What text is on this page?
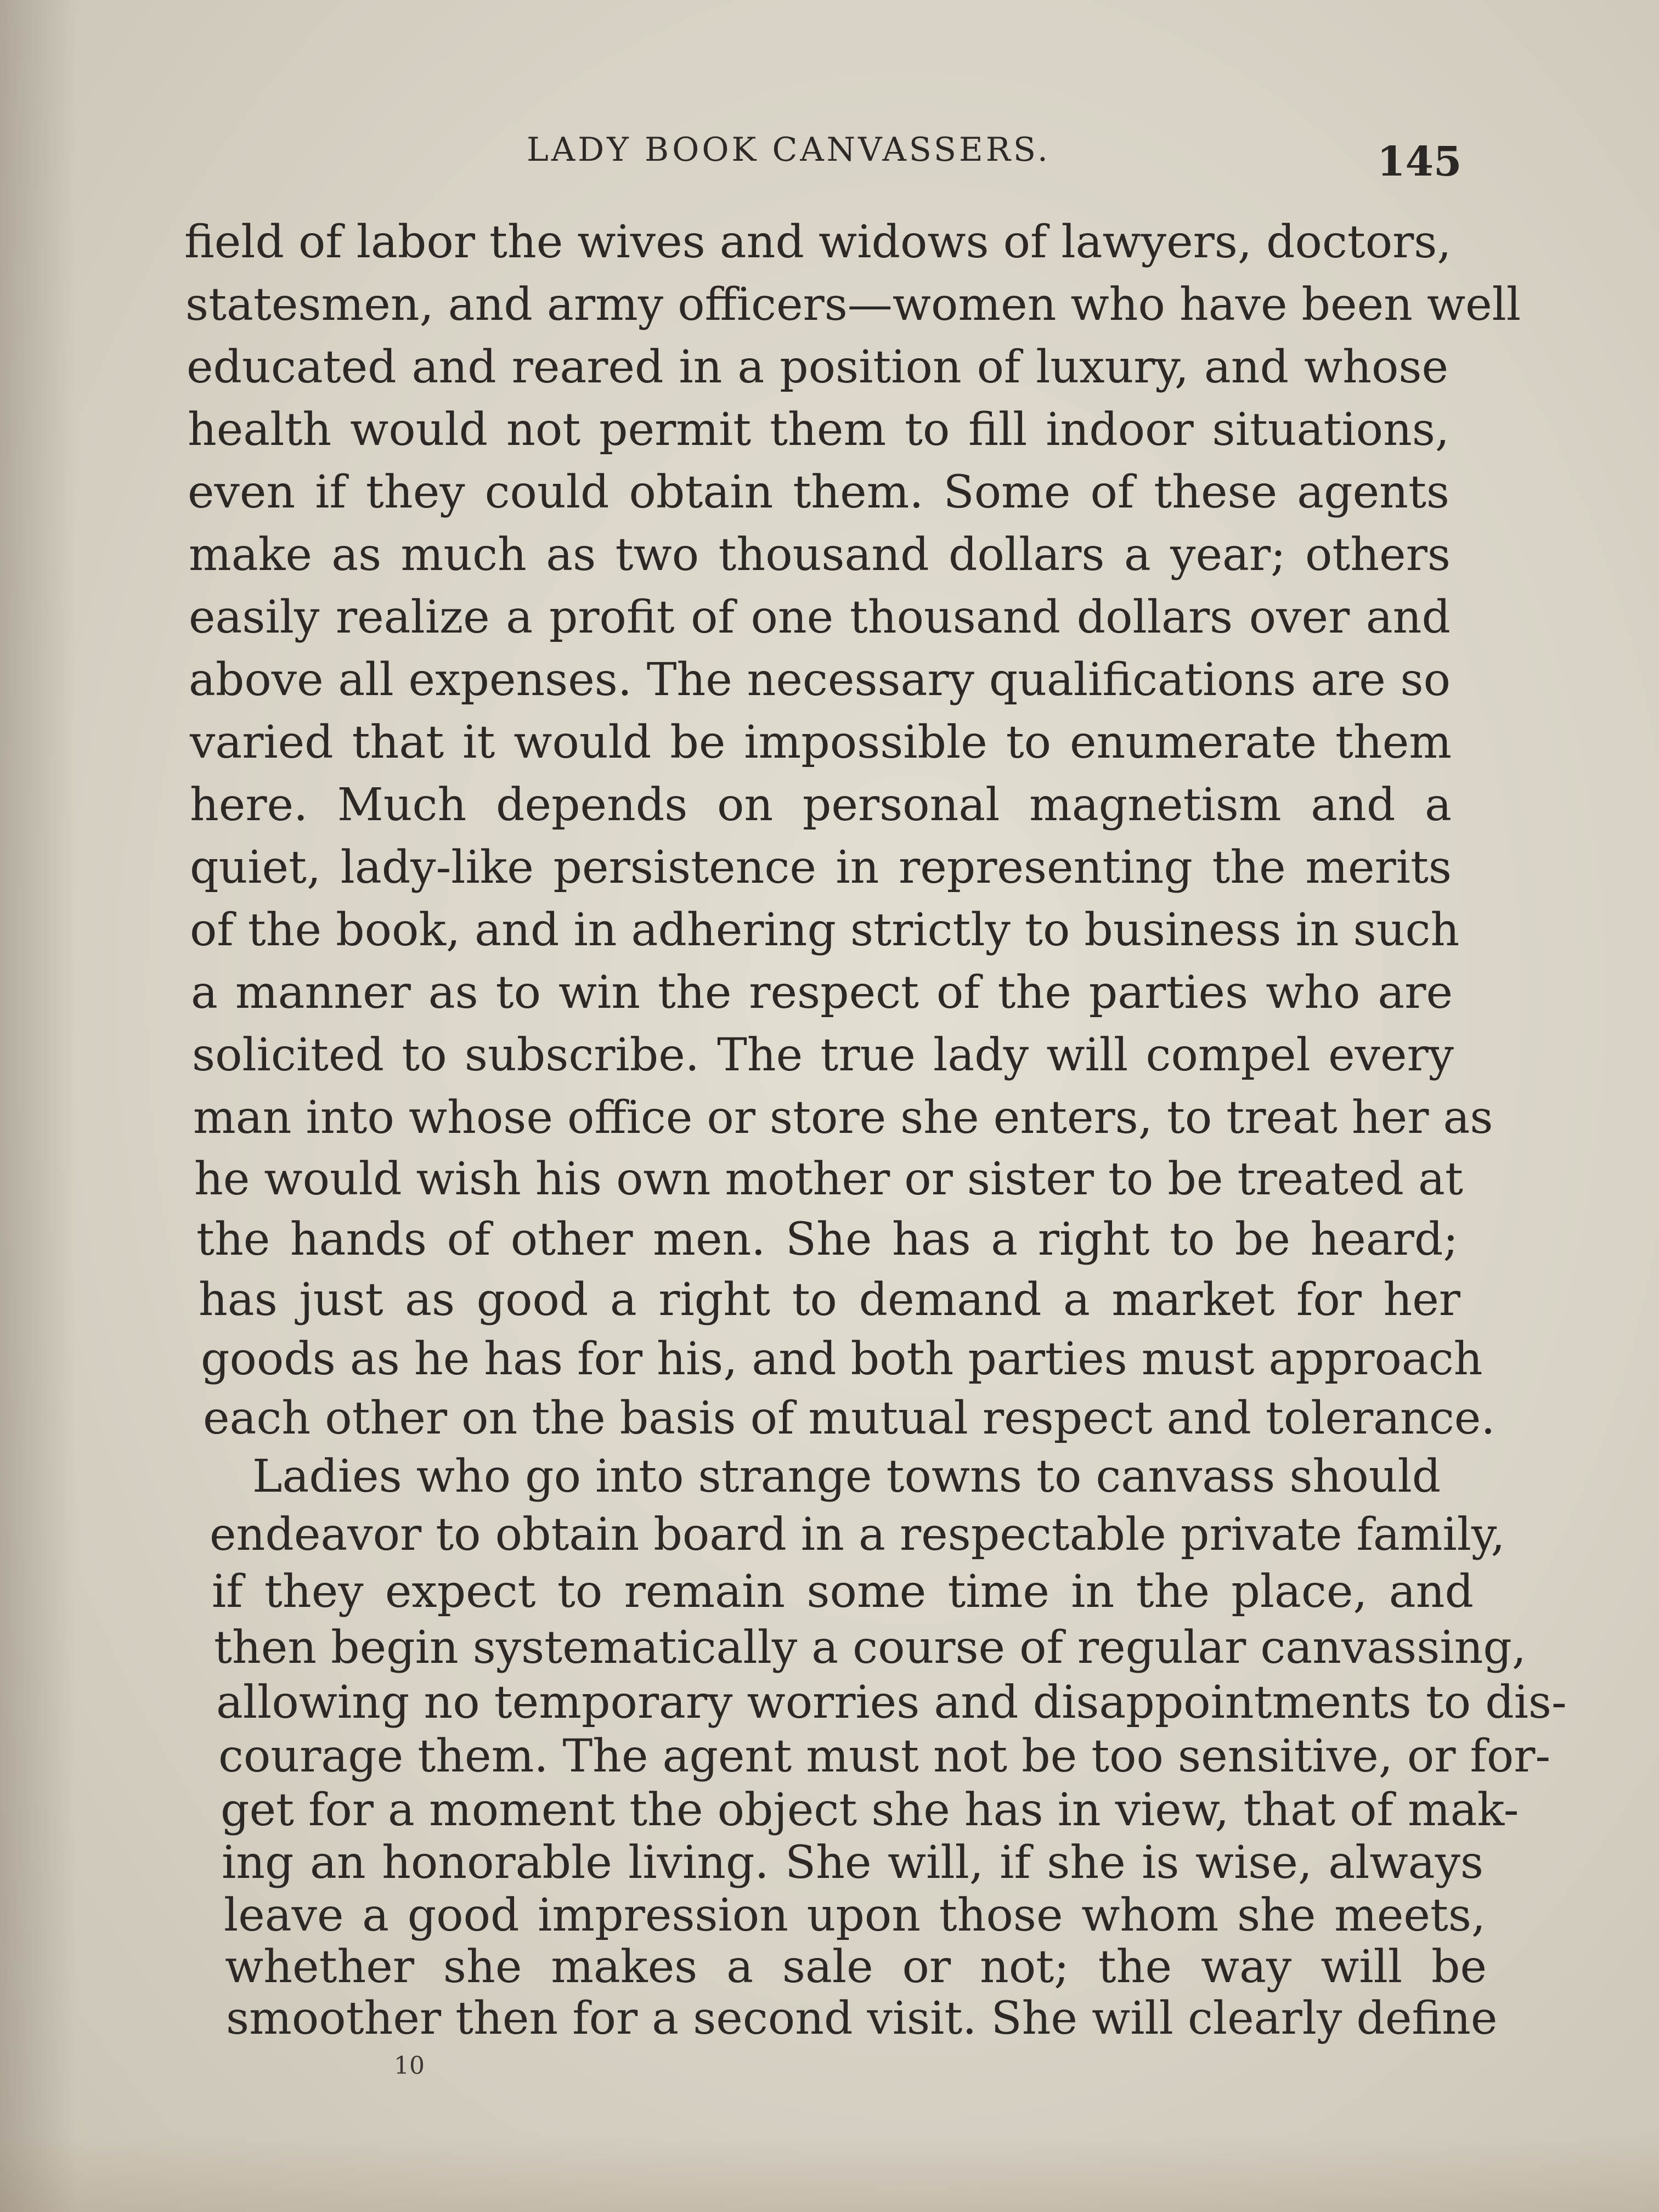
LADY BOOK CANVASSERS.	145
field of labor the wives and widows of lawyers, doctors,
statesmen, and army officers—women who have been well
educated and reared in a position of luxury, and whose
health would not permit them to fill indoor situations,
even if they could obtain them. Some of these agents
make as much as two thousand dollars a year; others
easily realize a profit of one thousand dollars over and
above all expenses. The necessary qualifications are so
varied that it would be impossible to enumerate them
here. Much depends on personal magnetism and a
quiet, lady-like persistence in representing the merits
of the book, and in adhering strictly to business in such
a manner as to win the respect of the parties who are
solicited to subscribe. The true lady will compel every
man into whose office or store she enters, to treat her as
he would wish his own mother or sister to be treated at
the hands of other men. She has a right to be heard;
has just as good a right to demand a market for her
goods as he has for his, and both parties must approach
each other on the basis of mutual respect and tolerance.
Ladies who go into strange towns to canvass should
endeavor to obtain board in a respectable private family,
if they expect to remain some time in the place, and
then begin systematically a course of regular canvassing,
allowing no temporary worries and disappointments to dis-
courage them. The agent must not be too sensitive, or for-
get for a moment the object she has in view, that of mak-
ing an honorable living. She will, if she is wise, always
leave a good impression upon those whom she meets,
whether she makes a sale or not; the way will be
smoother then for a second visit. She will clearly define
10
